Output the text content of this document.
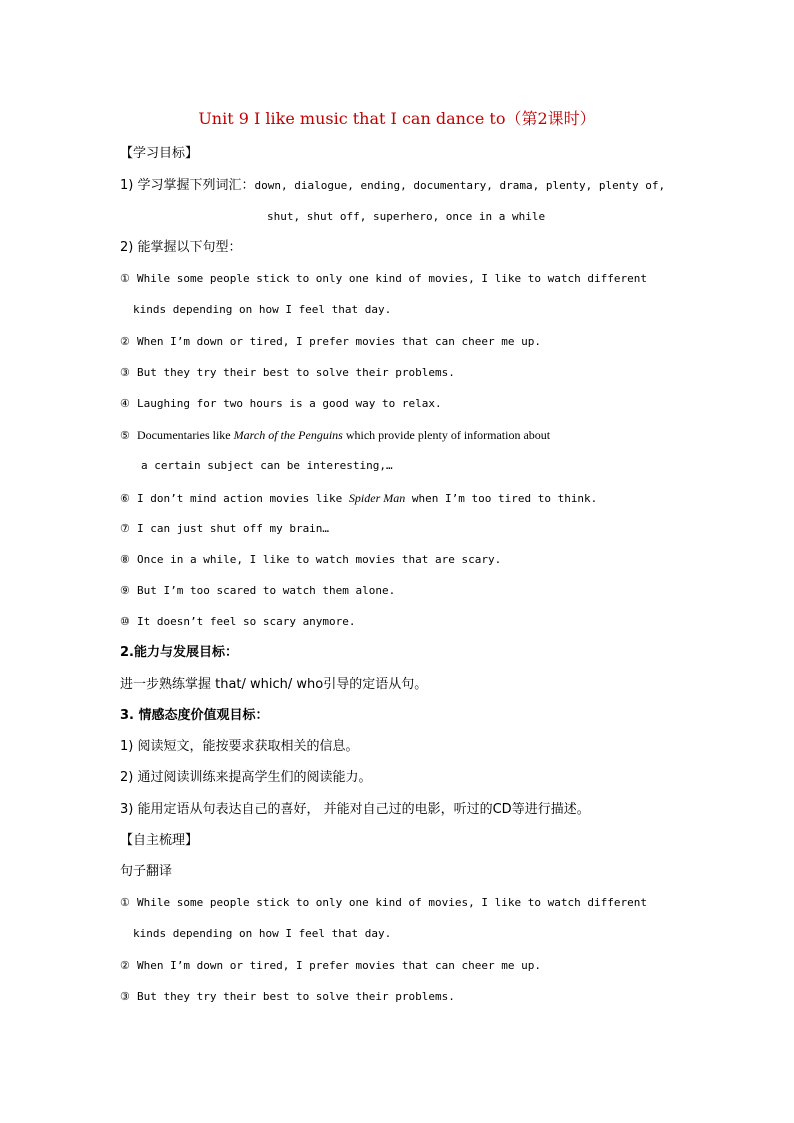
Unit 9 I like music that I can dance to（第2课时）
【学习目标】
1) 学习掌握下列词汇：down, dialogue, ending, documentary, drama, plenty, plenty of,
shut, shut off, superhero, once in a while
2) 能掌握以下句型：
① While some people stick to only one kind of movies, I like to watch different
kinds depending on how I feel that day.
② When I’m down or tired, I prefer movies that can cheer me up.
③ But they try their best to solve their problems.
④ Laughing for two hours is a good way to relax.
⑤ Documentaries like March of the Penguins which provide plenty of information about
a certain subject can be interesting,…
⑥ I don’t mind action movies like Spider Man when I’m too tired to think.
⑦ I can just shut off my brain…
⑧ Once in a while, I like to watch movies that are scary.
⑨ But I’m too scared to watch them alone.
⑩ It doesn’t feel so scary anymore.
2.能力与发展目标：
进一步熟练掌握 that/ which/ who引导的定语从句。
3. 情感态度价值观目标：
1) 阅读短文，能按要求获取相关的信息。
2) 通过阅读训练来提高学生们的阅读能力。
3) 能用定语从句表达自己的喜好， 并能对自己过的电影，听过的CD等进行描述。
【自主梳理】
句子翻译
① While some people stick to only one kind of movies, I like to watch different
kinds depending on how I feel that day.
② When I’m down or tired, I prefer movies that can cheer me up.
③ But they try their best to solve their problems.
